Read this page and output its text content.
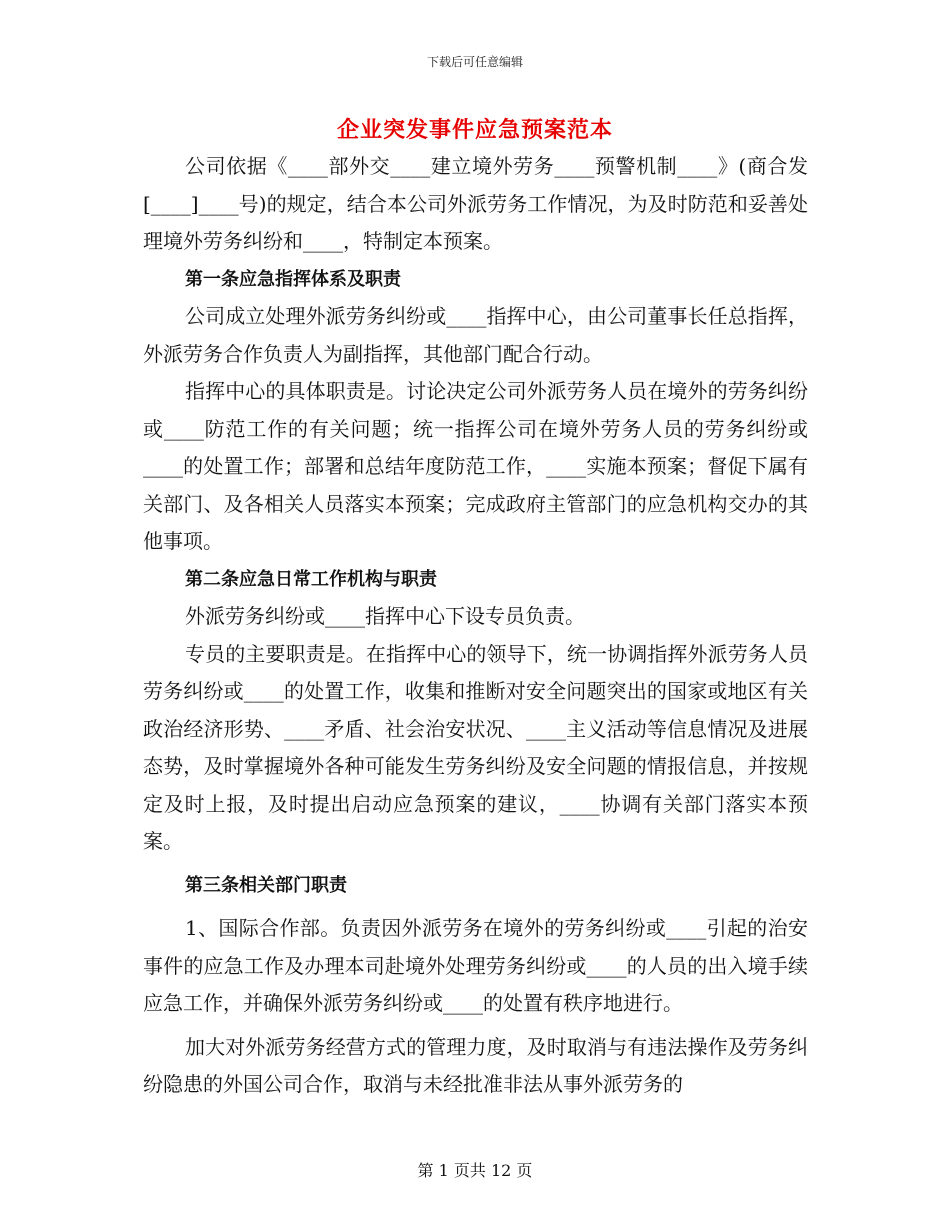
下载后可任意编辑
企业突发事件应急预案范本

公司依据《____部外交____建立境外劳务____预警机制____》(商合发[____]____号)的规定，结合本公司外派劳务工作情况，为及时防范和妥善处理境外劳务纠纷和____，特制定本预案。

第一条应急指挥体系及职责

公司成立处理外派劳务纠纷或____指挥中心，由公司董事长任总指挥，外派劳务合作负责人为副指挥，其他部门配合行动。

指挥中心的具体职责是。讨论决定公司外派劳务人员在境外的劳务纠纷或____防范工作的有关问题；统一指挥公司在境外劳务人员的劳务纠纷或____的处置工作；部署和总结年度防范工作，____实施本预案；督促下属有关部门、及各相关人员落实本预案；完成政府主管部门的应急机构交办的其他事项。

第二条应急日常工作机构与职责

外派劳务纠纷或____指挥中心下设专员负责。

专员的主要职责是。在指挥中心的领导下，统一协调指挥外派劳务人员劳务纠纷或____的处置工作，收集和推断对安全问题突出的国家或地区有关政治经济形势、____矛盾、社会治安状况、____主义活动等信息情况及进展态势，及时掌握境外各种可能发生劳务纠纷及安全问题的情报信息，并按规定及时上报，及时提出启动应急预案的建议，____协调有关部门落实本预案。

第三条相关部门职责

1、国际合作部。负责因外派劳务在境外的劳务纠纷或____引起的治安事件的应急工作及办理本司赴境外处理劳务纠纷或____的人员的出入境手续应急工作，并确保外派劳务纠纷或____的处置有秩序地进行。

加大对外派劳务经营方式的管理力度，及时取消与有违法操作及劳务纠纷隐患的外国公司合作，取消与未经批准非法从事外派劳务的

第 1 页共 12 页
